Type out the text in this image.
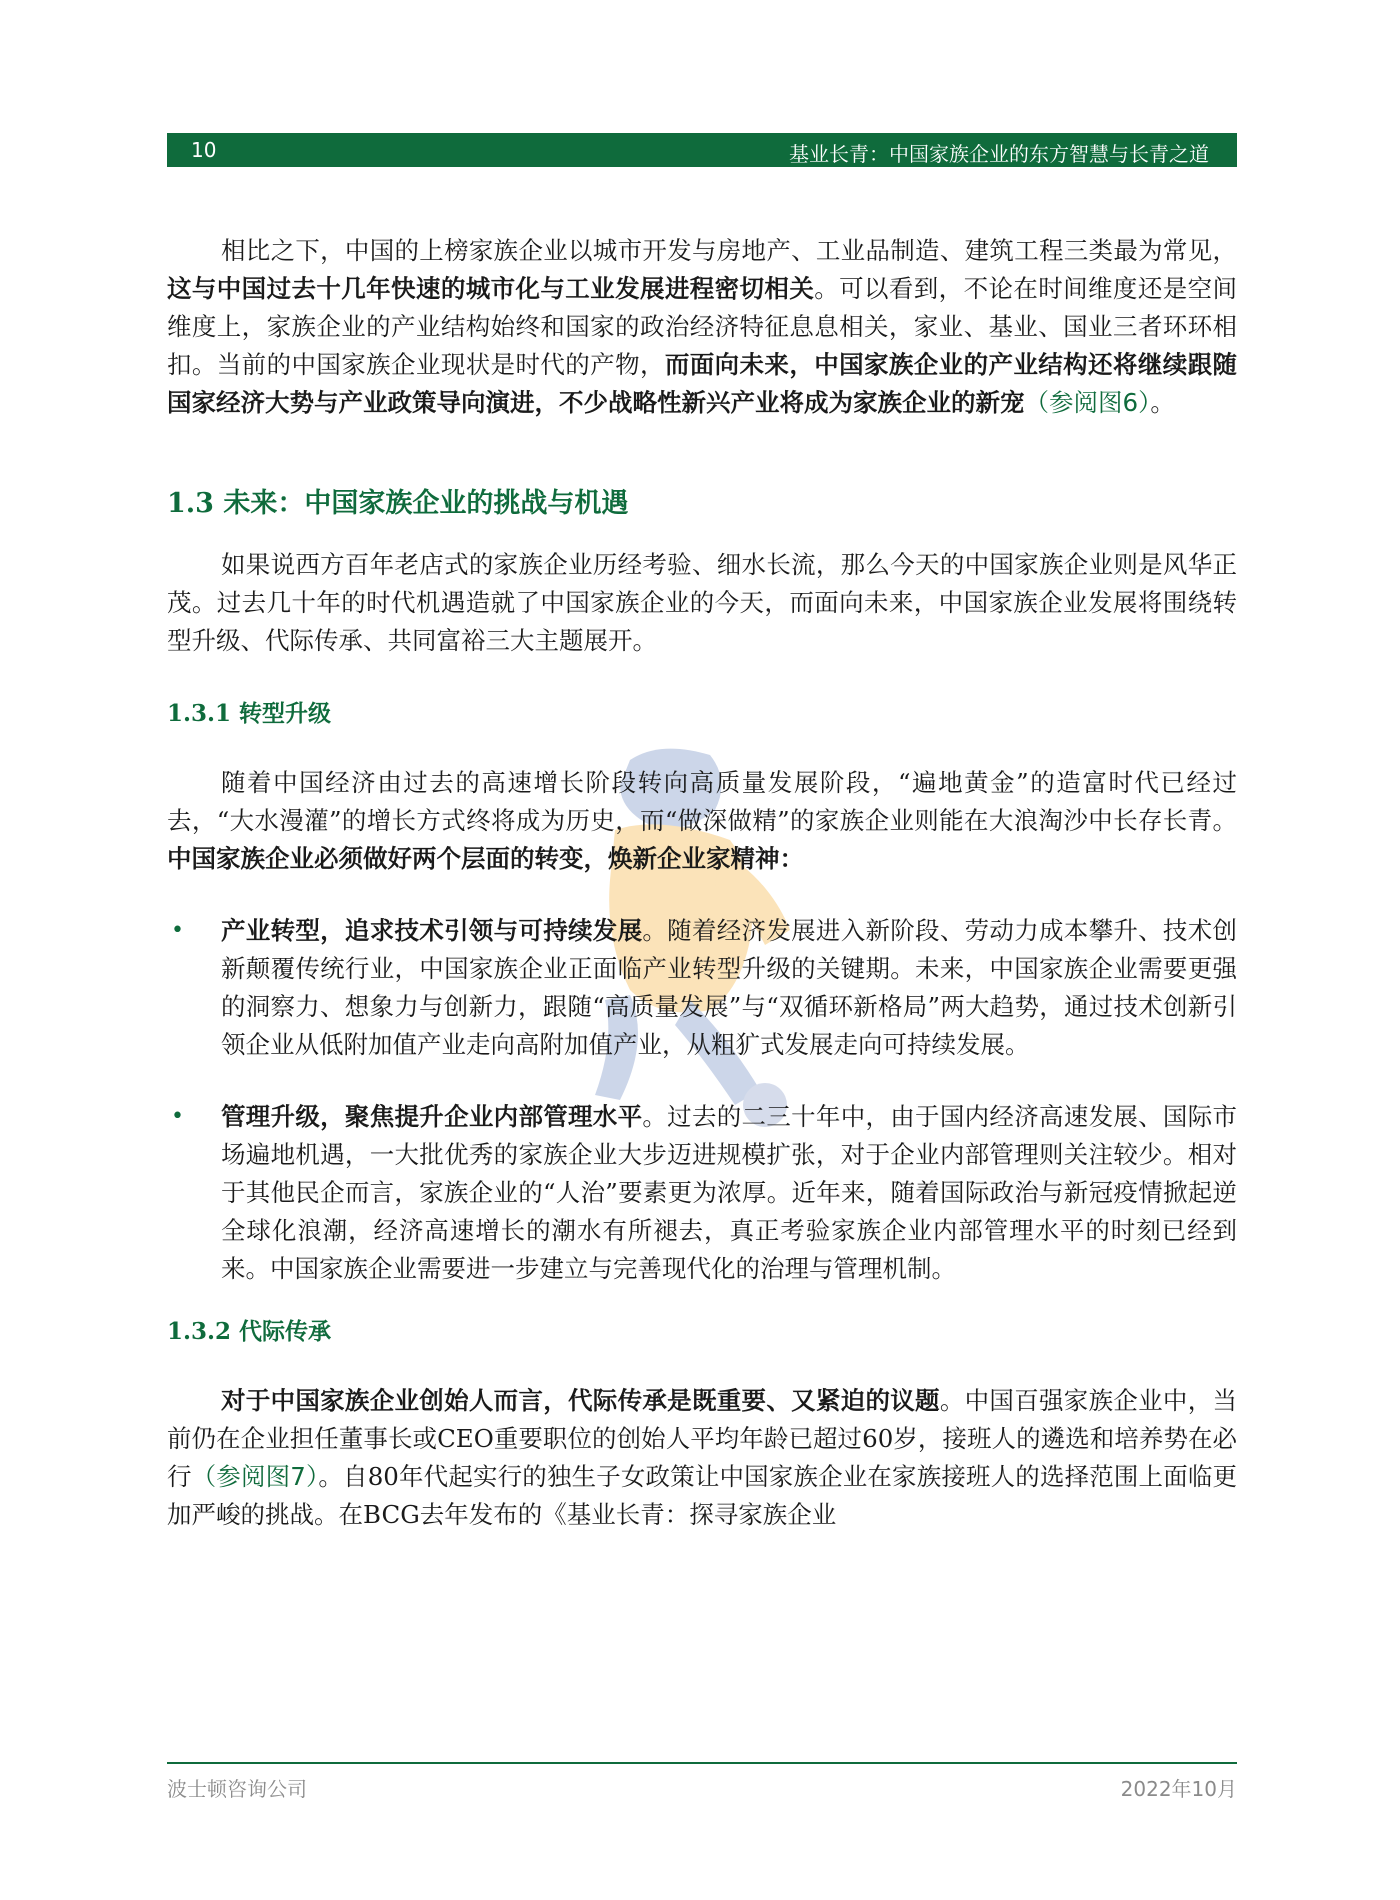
10	基业长青：中国家族企业的东方智慧与长青之道

相比之下，中国的上榜家族企业以城市开发与房地产、工业品制造、建筑工程三类最为常见，这与中国过去十几年快速的城市化与工业发展进程密切相关。可以看到，不论在时间维度还是空间维度上，家族企业的产业结构始终和国家的政治经济特征息息相关，家业、基业、国业三者环环相扣。当前的中国家族企业现状是时代的产物，而面向未来，中国家族企业的产业结构还将继续跟随国家经济大势与产业政策导向演进，不少战略性新兴产业将成为家族企业的新宠（参阅图6）。

1.3 未来：中国家族企业的挑战与机遇

如果说西方百年老店式的家族企业历经考验、细水长流，那么今天的中国家族企业则是风华正茂。过去几十年的时代机遇造就了中国家族企业的今天，而面向未来，中国家族企业发展将围绕转型升级、代际传承、共同富裕三大主题展开。

1.3.1 转型升级

随着中国经济由过去的高速增长阶段转向高质量发展阶段，“遍地黄金”的造富时代已经过去，“大水漫灌”的增长方式终将成为历史，而“做深做精”的家族企业则能在大浪淘沙中长存长青。中国家族企业必须做好两个层面的转变，焕新企业家精神：

• 产业转型，追求技术引领与可持续发展。随着经济发展进入新阶段、劳动力成本攀升、技术创新颠覆传统行业，中国家族企业正面临产业转型升级的关键期。未来，中国家族企业需要更强的洞察力、想象力与创新力，跟随“高质量发展”与“双循环新格局”两大趋势，通过技术创新引领企业从低附加值产业走向高附加值产业，从粗犷式发展走向可持续发展。
• 管理升级，聚焦提升企业内部管理水平。过去的二三十年中，由于国内经济高速发展、国际市场遍地机遇，一大批优秀的家族企业大步迈进规模扩张，对于企业内部管理则关注较少。相对于其他民企而言，家族企业的“人治”要素更为浓厚。近年来，随着国际政治与新冠疫情掀起逆全球化浪潮，经济高速增长的潮水有所褪去，真正考验家族企业内部管理水平的时刻已经到来。中国家族企业需要进一步建立与完善现代化的治理与管理机制。
1.3.2 代际传承

对于中国家族企业创始人而言，代际传承是既重要、又紧迫的议题。中国百强家族企业中，当前仍在企业担任董事长或CEO重要职位的创始人平均年龄已超过60岁，接班人的遴选和培养势在必行（参阅图7）。自80年代起实行的独生子女政策让中国家族企业在家族接班人的选择范围上面临更加严峻的挑战。在BCG去年发布的《基业长青：探寻家族企业

波士顿咨询公司	2022年10月
